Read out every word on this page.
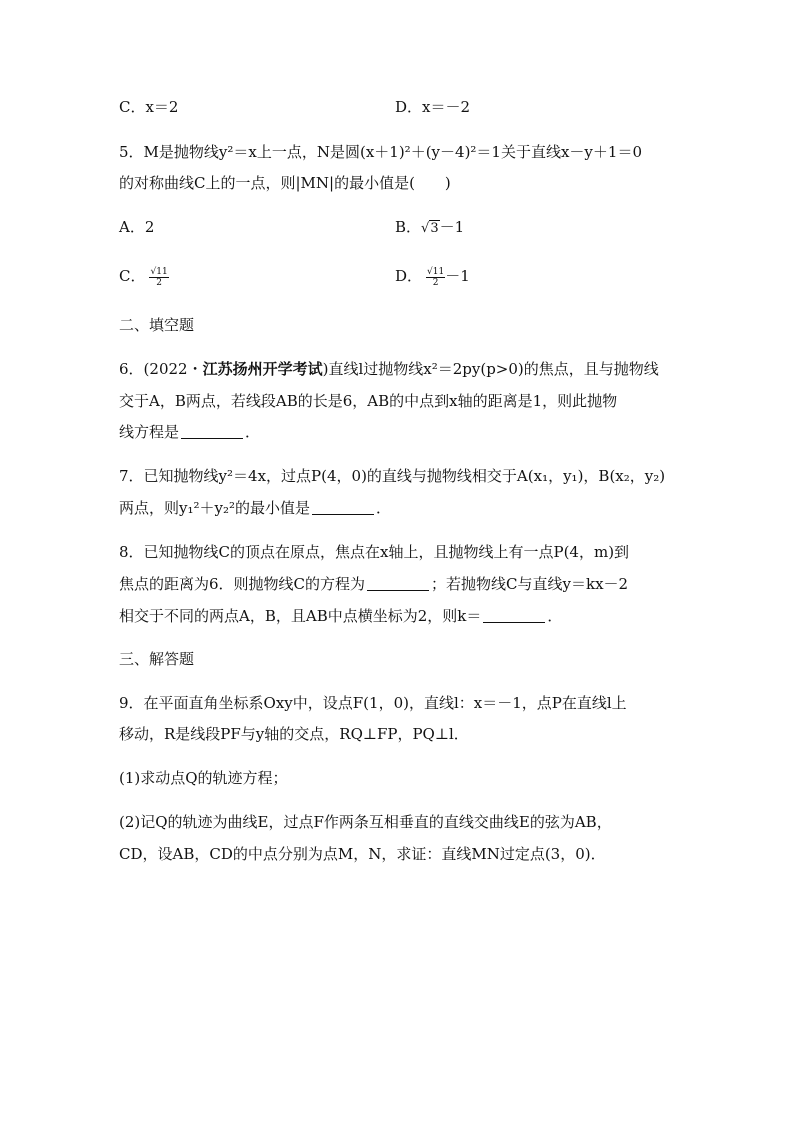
C．x＝2	D．x＝－2
5．M是抛物线y²＝x上一点，N是圆(x＋1)²＋(y－4)²＝1关于直线x－y＋1＝0
的对称曲线C上的一点，则|MN|的最小值是(　　)
A．2	B．√3－1
C． $\frac{√11}{2}$	D． $\frac{√11}{2} -1$
二、填空题
6．(2022・江苏扬州开学考试)直线l过抛物线x²＝2py(p>0)的焦点，且与抛物线
交于A，B两点，若线段AB的长是6，AB的中点到x轴的距离是1，则此抛物
线方程是	．
7．已知抛物线y²＝4x，过点P(4，0)的直线与抛物线相交于A(x₁，y₁)，B(x₂，y₂)
两点，则y₁²＋y₂²的最小值是	．
8．已知抛物线C的顶点在原点，焦点在x轴上，且抛物线上有一点P(4，m)到
焦点的距离为6．则抛物线C的方程为	；若抛物线C与直线y＝kx－2
相交于不同的两点A，B，且AB中点横坐标为2，则k＝	．
三、解答题
9．在平面直角坐标系Oxy中，设点F(1，0)，直线l：x＝－1，点P在直线l上
移动，R是线段PF与y轴的交点，RQ⊥FP，PQ⊥l．
(1)求动点Q的轨迹方程；
(2)记Q的轨迹为曲线E，过点F作两条互相垂直的直线交曲线E的弦为AB，
CD，设AB，CD的中点分别为点M，N，求证：直线MN过定点(3，0)．
